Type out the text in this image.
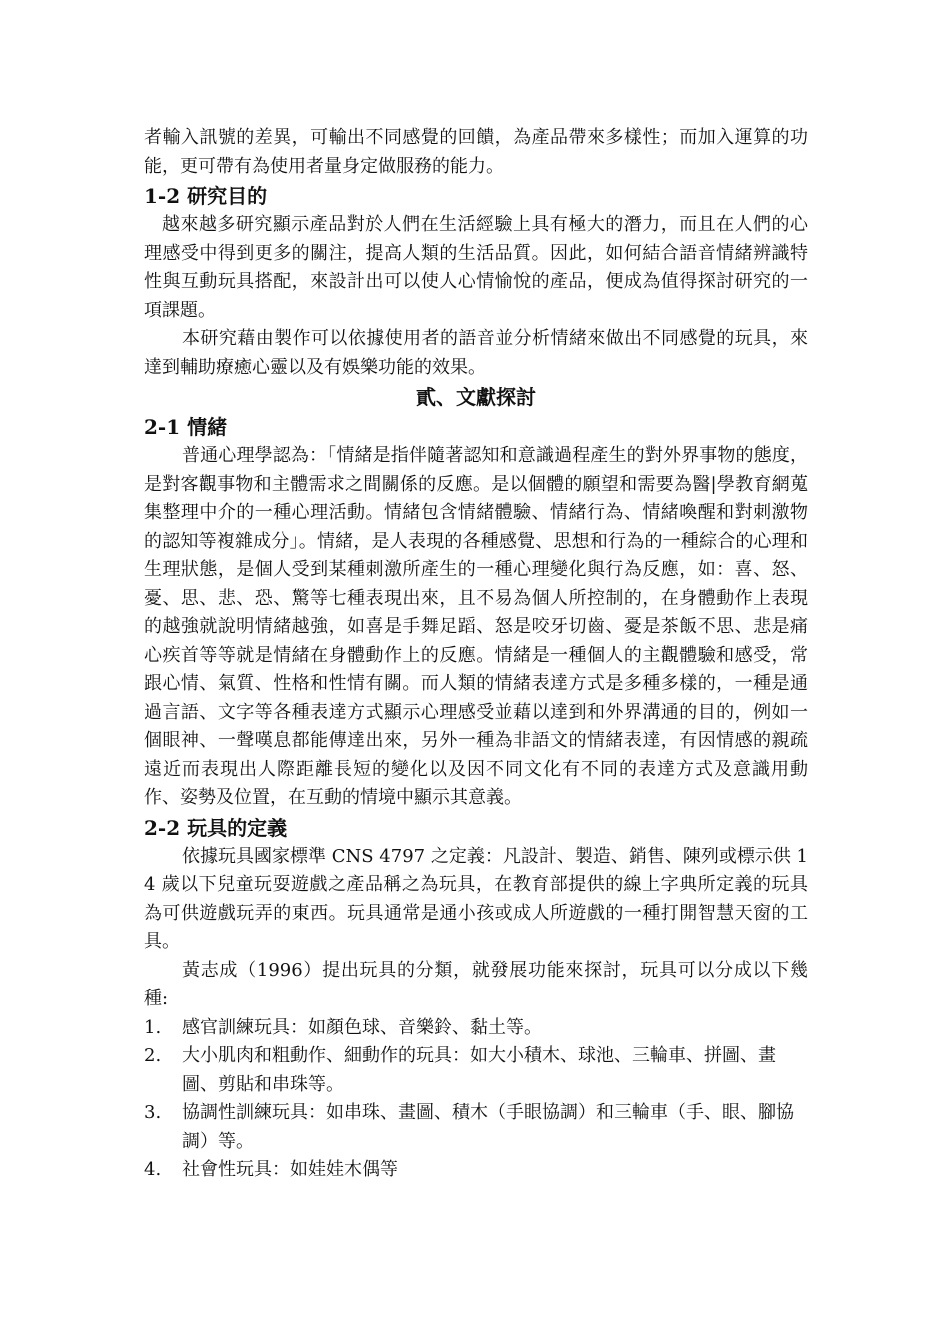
者輸入訊號的差異，可輸出不同感覺的回饋，為產品帶來多樣性；而加入運算的功能，更可帶有為使用者量身定做服務的能力。

1-2 研究目的

越來越多研究顯示產品對於人們在生活經驗上具有極大的潛力，而且在人們的心理感受中得到更多的關注，提高人類的生活品質。因此，如何結合語音情緒辨識特性與互動玩具搭配，來設計出可以使人心情愉悅的產品，便成為值得探討研究的一項課題。

本研究藉由製作可以依據使用者的語音並分析情緒來做出不同感覺的玩具，來達到輔助療癒心靈以及有娛樂功能的效果。

貳、文獻探討
2-1 情緒

普通心理學認為：「情緒是指伴隨著認知和意識過程產生的對外界事物的態度，是對客觀事物和主體需求之間關係的反應。是以個體的願望和需要為醫|學教育網蒐集整理中介的一種心理活動。情緒包含情緒體驗、情緒行為、情緒喚醒和對刺激物的認知等複雜成分」。情緒，是人表現的各種感覺、思想和行為的一種綜合的心理和生理狀態，是個人受到某種刺激所產生的一種心理變化與行為反應，如：喜、怒、憂、思、悲、恐、驚等七種表現出來，且不易為個人所控制的，在身體動作上表現的越強就說明情緒越強，如喜是手舞足蹈、怒是咬牙切齒、憂是茶飯不思、悲是痛心疾首等等就是情緒在身體動作上的反應。情緒是一種個人的主觀體驗和感受，常跟心情、氣質、性格和性情有關。而人類的情緒表達方式是多種多樣的，一種是通過言語、文字等各種表達方式顯示心理感受並藉以達到和外界溝通的目的，例如一個眼神、一聲嘆息都能傳達出來，另外一種為非語文的情緒表達，有因情感的親疏遠近而表現出人際距離長短的變化以及因不同文化有不同的表達方式及意識用動作、姿勢及位置，在互動的情境中顯示其意義。

2-2 玩具的定義

依據玩具國家標準 CNS 4797 之定義：凡設計、製造、銷售、陳列或標示供 14 歲以下兒童玩耍遊戲之產品稱之為玩具，在教育部提供的線上字典所定義的玩具為可供遊戲玩弄的東西。玩具通常是通小孩或成人所遊戲的一種打開智慧天窗的工具。

黃志成（1996）提出玩具的分類，就發展功能來探討，玩具可以分成以下幾種:

1. 感官訓練玩具：如顏色球、音樂鈴、黏土等。
2. 大小肌肉和粗動作、細動作的玩具：如大小積木、球池、三輪車、拼圖、畫圖、剪貼和串珠等。
3. 協調性訓練玩具：如串珠、畫圖、積木（手眼協調）和三輪車（手、眼、腳協調）等。
4. 社會性玩具：如娃娃木偶等
